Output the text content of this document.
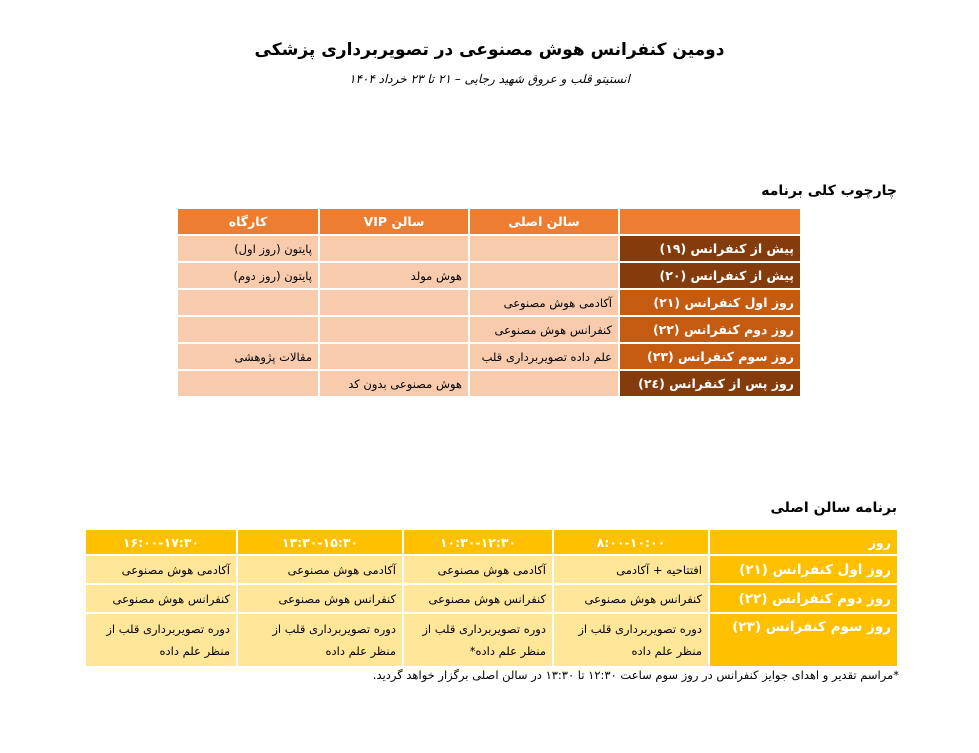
دومین کنفرانس هوش مصنوعی در تصویربرداری پزشکی
انستیتو قلب و عروق شهید رجایی – ۲۱ تا ۲۳ خرداد ۱۴۰۴
چارچوب کلی برنامه
	سالن اصلی	سالن VIP	کارگاه
پیش از کنفرانس (۱۹)			پایتون (روز اول)
پیش از کنفرانس (۲۰)		هوش مولد	پایتون (روز دوم)
روز اول کنفرانس (۲۱)	آکادمی هوش مصنوعی		
روز دوم کنفرانس (۲۲)	کنفرانس هوش مصنوعی		
روز سوم کنفرانس (۲۳)	علم داده تصویربرداری قلب		مقالات پژوهشی
روز پس از کنفرانس (۲٤)		هوش مصنوعی بدون کد	
برنامه سالن اصلی
روز	۸:۰۰-۱۰:۰۰	۱۰:۳۰-۱۲:۳۰	۱۳:۳۰-۱۵:۳۰	۱۶:۰۰-۱۷:۳۰
روز اول کنفرانس (۲۱)	افتتاحیه + آکادمی	آکادمی هوش مصنوعی	آکادمی هوش مصنوعی	آکادمی هوش مصنوعی
روز دوم کنفرانس (۲۲)	کنفرانس هوش مصنوعی	کنفرانس هوش مصنوعی	کنفرانس هوش مصنوعی	کنفرانس هوش مصنوعی
روز سوم کنفرانس (۲۳)	دوره تصویربرداری قلب از منظر علم داده	دوره تصویربرداری قلب از منظر علم داده*	دوره تصویربرداری قلب از منظر علم داده	دوره تصویربرداری قلب از منظر علم داده
*مراسم تقدیر و اهدای جوایز کنفرانس در روز سوم ساعت ۱۲:۳۰ تا ۱۳:۳۰ در سالن اصلی برگزار خواهد گردید.
